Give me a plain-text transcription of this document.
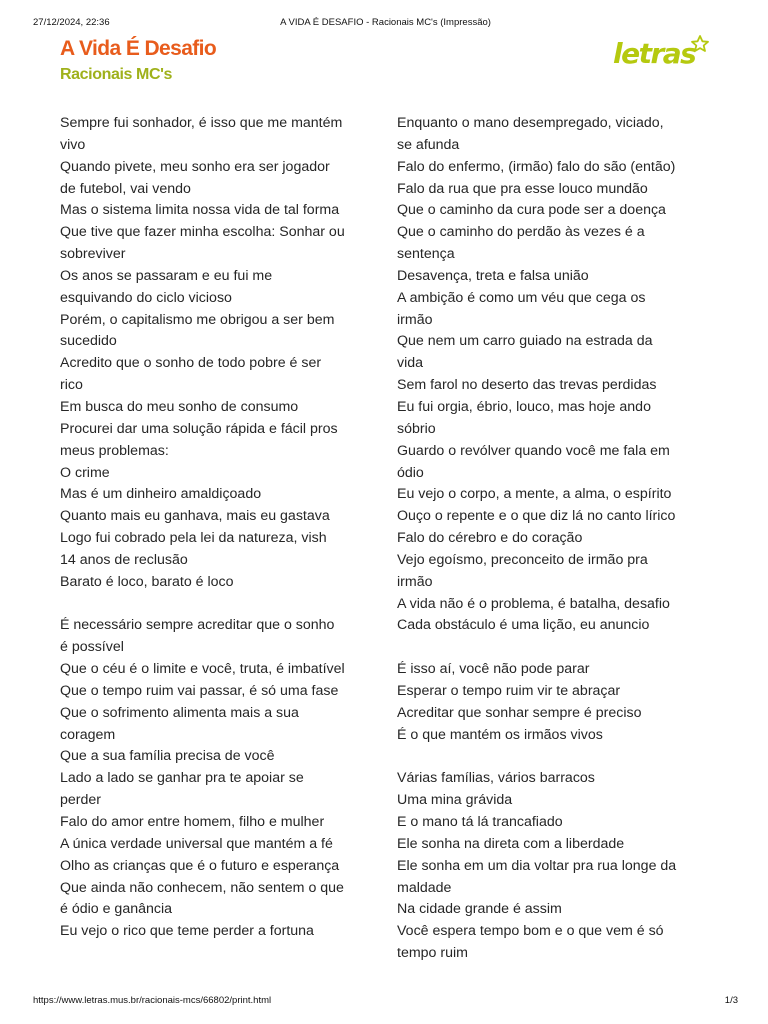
27/12/2024, 22:36	A VIDA É DESAFIO - Racionais MC's (Impressão)
A Vida É Desafio
Racionais MC's
letras
Sempre fui sonhador, é isso que me mantém
vivo
Quando pivete, meu sonho era ser jogador
de futebol, vai vendo
Mas o sistema limita nossa vida de tal forma
Que tive que fazer minha escolha: Sonhar ou
sobreviver
Os anos se passaram e eu fui me
esquivando do ciclo vicioso
Porém, o capitalismo me obrigou a ser bem
sucedido
Acredito que o sonho de todo pobre é ser
rico
Em busca do meu sonho de consumo
Procurei dar uma solução rápida e fácil pros
meus problemas:
O crime
Mas é um dinheiro amaldiçoado
Quanto mais eu ganhava, mais eu gastava
Logo fui cobrado pela lei da natureza, vish
14 anos de reclusão
Barato é loco, barato é loco
É necessário sempre acreditar que o sonho
é possível
Que o céu é o limite e você, truta, é imbatível
Que o tempo ruim vai passar, é só uma fase
Que o sofrimento alimenta mais a sua
coragem
Que a sua família precisa de você
Lado a lado se ganhar pra te apoiar se
perder
Falo do amor entre homem, filho e mulher
A única verdade universal que mantém a fé
Olho as crianças que é o futuro e esperança
Que ainda não conhecem, não sentem o que
é ódio e ganância
Eu vejo o rico que teme perder a fortuna
Enquanto o mano desempregado, viciado,
se afunda
Falo do enfermo, (irmão) falo do são (então)
Falo da rua que pra esse louco mundão
Que o caminho da cura pode ser a doença
Que o caminho do perdão às vezes é a
sentença
Desavença, treta e falsa união
A ambição é como um véu que cega os
irmão
Que nem um carro guiado na estrada da
vida
Sem farol no deserto das trevas perdidas
Eu fui orgia, ébrio, louco, mas hoje ando
sóbrio
Guardo o revólver quando você me fala em
ódio
Eu vejo o corpo, a mente, a alma, o espírito
Ouço o repente e o que diz lá no canto lírico
Falo do cérebro e do coração
Vejo egoísmo, preconceito de irmão pra
irmão
A vida não é o problema, é batalha, desafio
Cada obstáculo é uma lição, eu anuncio
É isso aí, você não pode parar
Esperar o tempo ruim vir te abraçar
Acreditar que sonhar sempre é preciso
É o que mantém os irmãos vivos
Várias famílias, vários barracos
Uma mina grávida
E o mano tá lá trancafiado
Ele sonha na direta com a liberdade
Ele sonha em um dia voltar pra rua longe da
maldade
Na cidade grande é assim
Você espera tempo bom e o que vem é só
tempo ruim
https://www.letras.mus.br/racionais-mcs/66802/print.html	1/3
